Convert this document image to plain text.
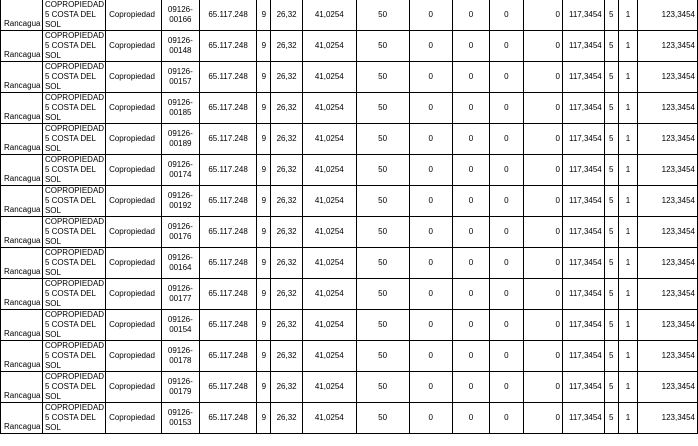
Rancagua	COPROPIEDAD 5 COSTA DEL SOL	Copropiedad	09126-00166	65.117.248	9	26,32	41,0254	50	0	0	0	0	117,3454	5	1	123,3454
Rancagua	COPROPIEDAD 5 COSTA DEL SOL	Copropiedad	09126-00148	65.117.248	9	26,32	41,0254	50	0	0	0	0	117,3454	5	1	123,3454
Rancagua	COPROPIEDAD 5 COSTA DEL SOL	Copropiedad	09126-00157	65.117.248	9	26,32	41,0254	50	0	0	0	0	117,3454	5	1	123,3454
Rancagua	COPROPIEDAD 5 COSTA DEL SOL	Copropiedad	09126-00185	65.117.248	9	26,32	41,0254	50	0	0	0	0	117,3454	5	1	123,3454
Rancagua	COPROPIEDAD 5 COSTA DEL SOL	Copropiedad	09126-00189	65.117.248	9	26,32	41,0254	50	0	0	0	0	117,3454	5	1	123,3454
Rancagua	COPROPIEDAD 5 COSTA DEL SOL	Copropiedad	09126-00174	65.117.248	9	26,32	41,0254	50	0	0	0	0	117,3454	5	1	123,3454
Rancagua	COPROPIEDAD 5 COSTA DEL SOL	Copropiedad	09126-00192	65.117.248	9	26,32	41,0254	50	0	0	0	0	117,3454	5	1	123,3454
Rancagua	COPROPIEDAD 5 COSTA DEL SOL	Copropiedad	09126-00176	65.117.248	9	26,32	41,0254	50	0	0	0	0	117,3454	5	1	123,3454
Rancagua	COPROPIEDAD 5 COSTA DEL SOL	Copropiedad	09126-00164	65.117.248	9	26,32	41,0254	50	0	0	0	0	117,3454	5	1	123,3454
Rancagua	COPROPIEDAD 5 COSTA DEL SOL	Copropiedad	09126-00177	65.117.248	9	26,32	41,0254	50	0	0	0	0	117,3454	5	1	123,3454
Rancagua	COPROPIEDAD 5 COSTA DEL SOL	Copropiedad	09126-00154	65.117.248	9	26,32	41,0254	50	0	0	0	0	117,3454	5	1	123,3454
Rancagua	COPROPIEDAD 5 COSTA DEL SOL	Copropiedad	09126-00178	65.117.248	9	26,32	41,0254	50	0	0	0	0	117,3454	5	1	123,3454
Rancagua	COPROPIEDAD 5 COSTA DEL SOL	Copropiedad	09126-00179	65.117.248	9	26,32	41,0254	50	0	0	0	0	117,3454	5	1	123,3454
Rancagua	COPROPIEDAD 5 COSTA DEL SOL	Copropiedad	09126-00153	65.117.248	9	26,32	41,0254	50	0	0	0	0	117,3454	5	1	123,3454
